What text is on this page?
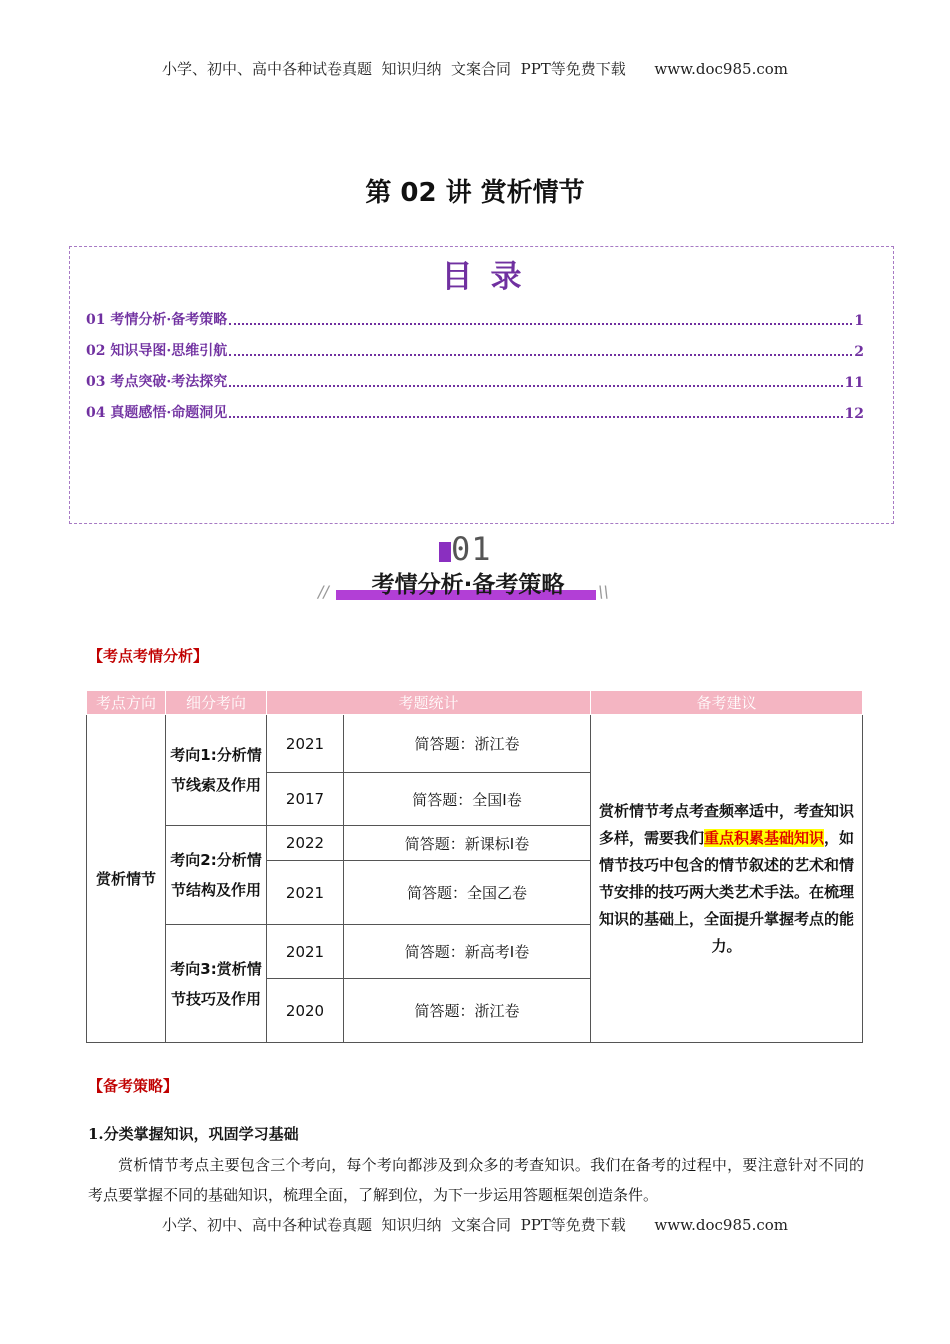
小学、初中、高中各种试卷真题  知识归纳  文案合同  PPT等免费下载      www.doc985.com
第 02 讲 赏析情节
目录
01 考情分析·备考策略	1
02 知识导图·思维引航	2
03 考点突破·考法探究	11
04 真题感悟·命题洞见	12
01
//	考情分析·备考策略	\\
【考点考情分析】
考点方向	细分考向	考题统计		备考建议
赏析情节	考向1:分析情节线索及作用	2021	简答题：浙江卷	赏析情节考点考查频率适中，考查知识多样，需要我们重点积累基础知识，如情节技巧中包含的情节叙述的艺术和情节安排的技巧两大类艺术手法。在梳理知识的基础上，全面提升掌握考点的能力。
		2017	简答题：全国Ⅰ卷	
	考向2:分析情节结构及作用	2022	简答题：新课标Ⅰ卷	
		2021	简答题：全国乙卷	
	考向3:赏析情节技巧及作用	2021	简答题：新高考Ⅰ卷	
		2020	简答题：浙江卷	
【备考策略】
1.分类掌握知识，巩固学习基础
赏析情节考点主要包含三个考向，每个考向都涉及到众多的考查知识。我们在备考的过程中，要注意针对不同的考点要掌握不同的基础知识，梳理全面，了解到位，为下一步运用答题框架创造条件。
小学、初中、高中各种试卷真题  知识归纳  文案合同  PPT等免费下载      www.doc985.com
